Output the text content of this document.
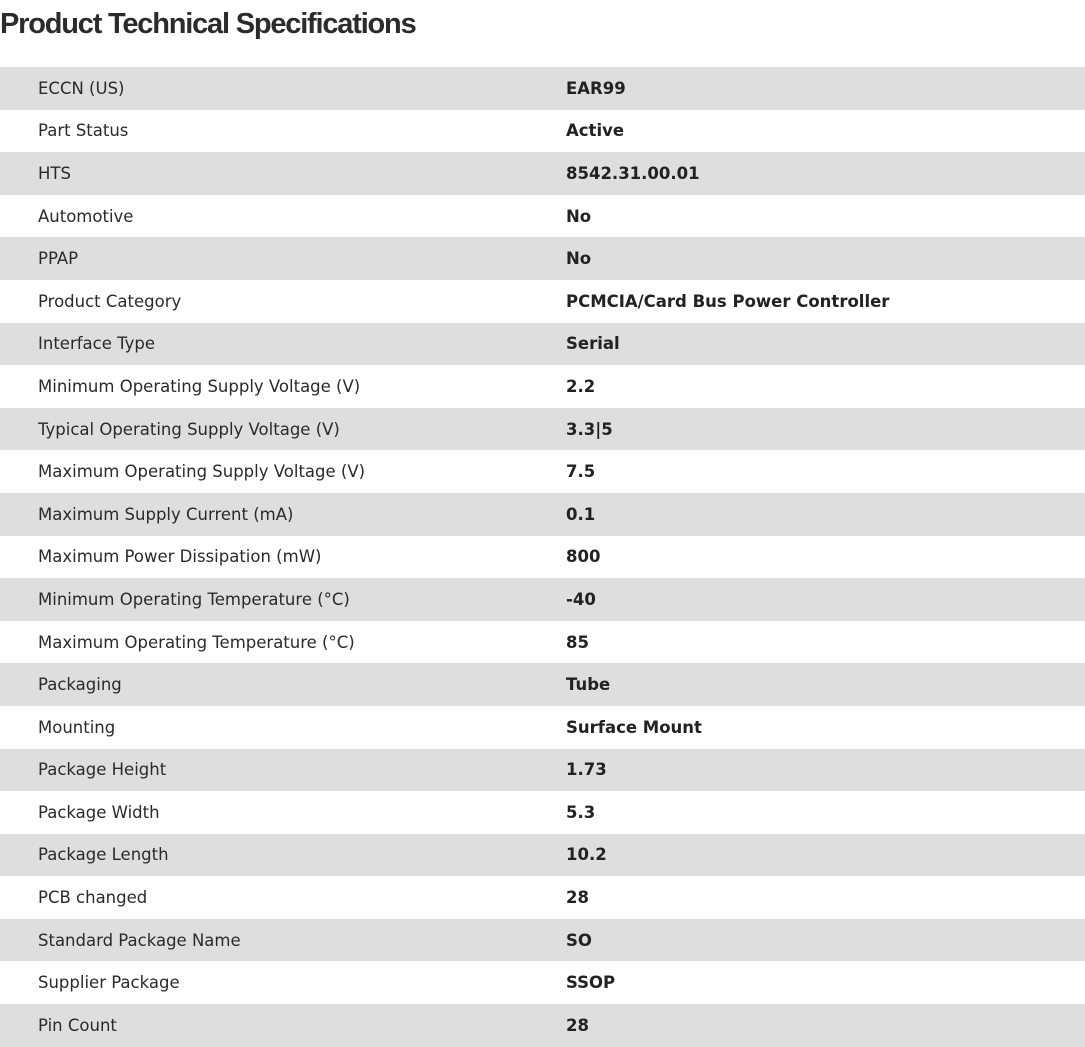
Product Technical Specifications
ECCN (US)	EAR99
Part Status	Active
HTS	8542.31.00.01
Automotive	No
PPAP	No
Product Category	PCMCIA/Card Bus Power Controller
Interface Type	Serial
Minimum Operating Supply Voltage (V)	2.2
Typical Operating Supply Voltage (V)	3.3|5
Maximum Operating Supply Voltage (V)	7.5
Maximum Supply Current (mA)	0.1
Maximum Power Dissipation (mW)	800
Minimum Operating Temperature (°C)	-40
Maximum Operating Temperature (°C)	85
Packaging	Tube
Mounting	Surface Mount
Package Height	1.73
Package Width	5.3
Package Length	10.2
PCB changed	28
Standard Package Name	SO
Supplier Package	SSOP
Pin Count	28
